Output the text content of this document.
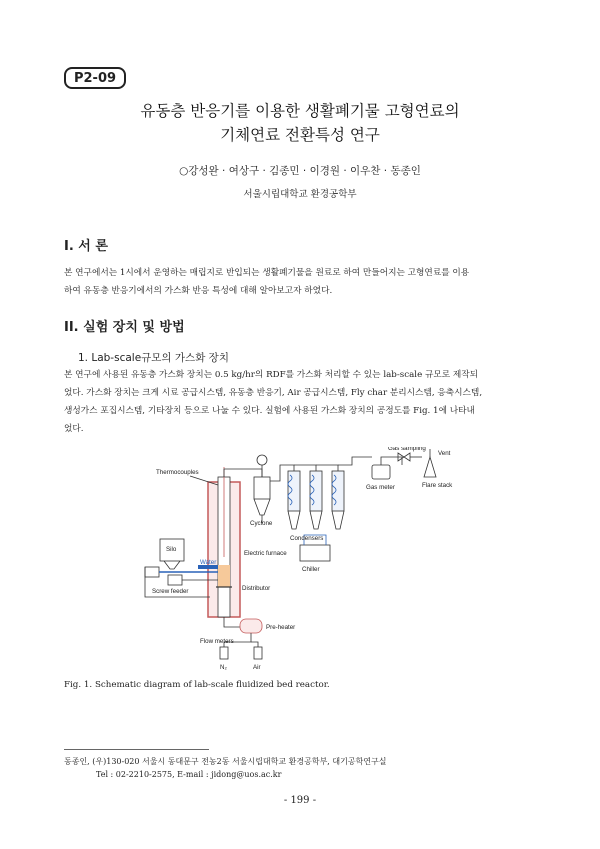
P2-09
유동층 반응기를 이용한 생활폐기물 고형연료의
기체연료 전환특성 연구
○강성완 · 여상구 · 김종민 · 이경원 · 이우찬 · 동종인
서울시립대학교 환경공학부
I. 서 론

본 연구에서는 1시에서 운영하는 매립지로 반입되는 생활폐기물을 원료로 하여 만들어지는 고형연료를 이용

하여 유동층 반응기에서의 가스화 반응 특성에 대해 알아보고자 하였다.

II. 실험 장치 및 방법
1. Lab-scale규모의 가스화 장치

본 연구에 사용된 유동층 가스화 장치는 0.5 kg/hr의 RDF를 가스화 처리할 수 있는 lab-scale 규모로 제작되

었다. 가스화 장치는 크게 시료 공급시스템, 유동층 반응기, Air 공급시스템, Fly char 분리시스템, 응축시스템,

생성가스 포집시스템, 기타장치 등으로 나눌 수 있다. 실험에 사용된 가스화 장치의 공정도를 Fig. 1에 나타내

었다.

Thermocouples
Cyclone
Gas sampling
Vent
Gas meter	Flare stack
Condensers
Chiller
Silo
Electric furnace
Screw feeder
Water
Distributor
Pre-heater
Flow meters
N₂	Air
Fig. 1. Schematic diagram of lab-scale fluidized bed reactor.
동종인, (우)130-020 서울시 동대문구 전농2동 서울시립대학교 환경공학부, 대기공학연구실
Tel : 02-2210-2575, E-mail : jidong@uos.ac.kr
- 199 -
